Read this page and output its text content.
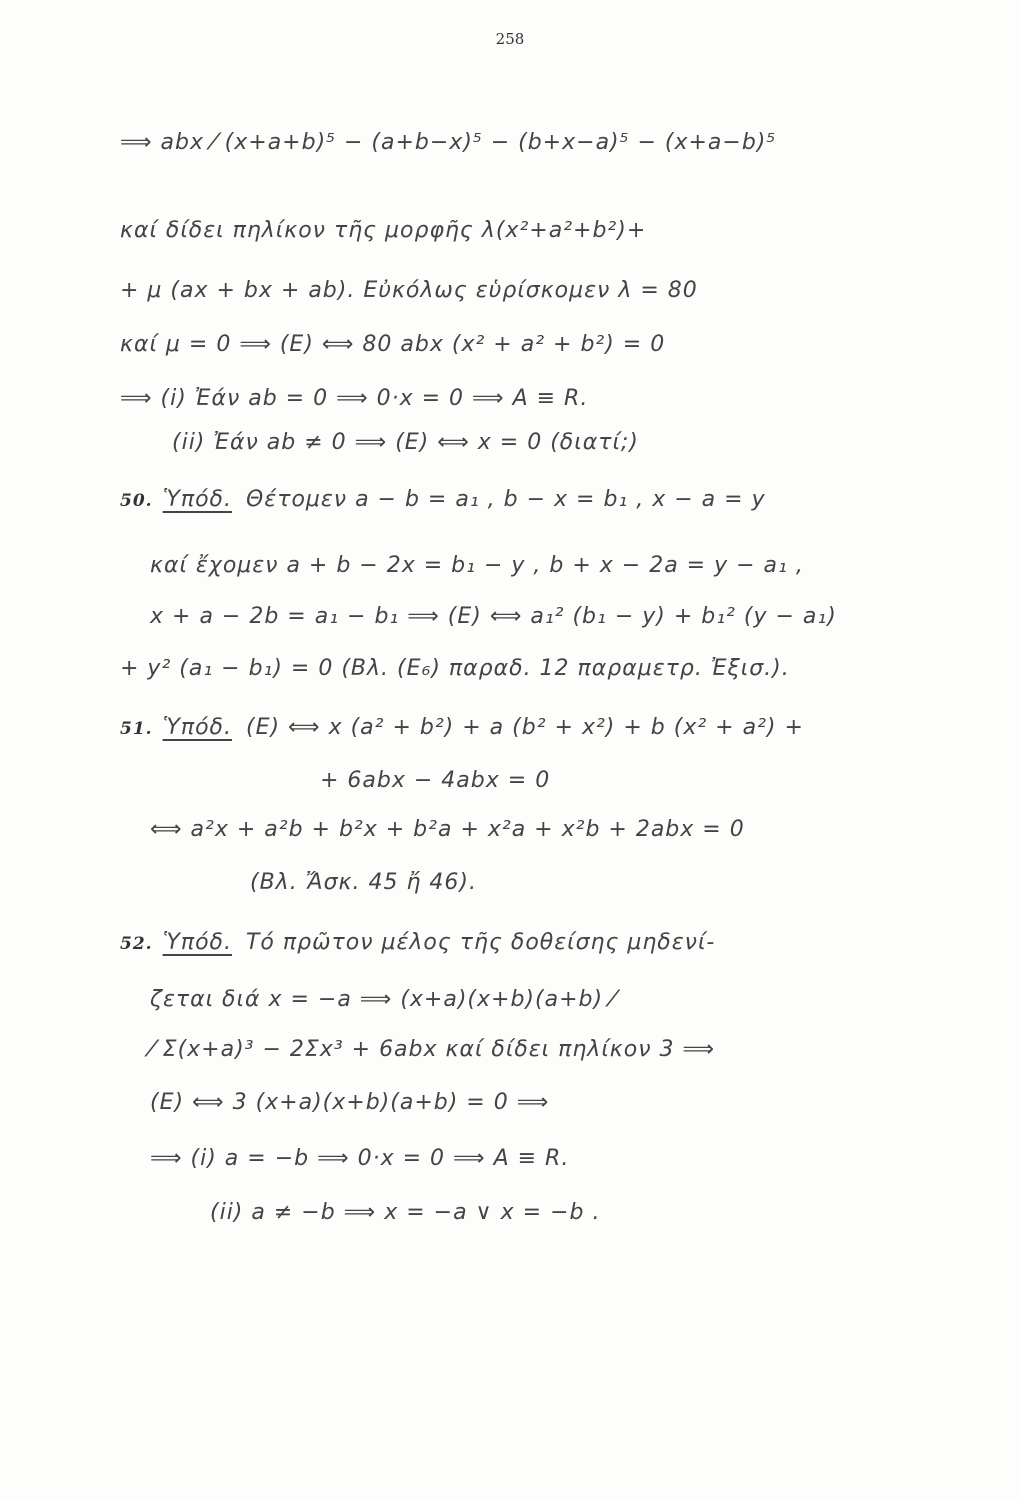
258
⟹ abx ⁄ (x+a+b)⁵ − (a+b−x)⁵ − (b+x−a)⁵ − (x+a−b)⁵
καί δίδει πηλίκον τῆς μορφῆς λ(x²+a²+b²)+
+ μ (ax + bx + ab). Εὐκόλως εὑρίσκομεν λ = 80
καί μ = 0 ⟹ (E) ⟺ 80 abx (x² + a² + b²) = 0
⟹ (i) Ἐάν ab = 0 ⟹ 0·x = 0 ⟹ A ≡ R.
(ii) Ἐάν ab ≠ 0 ⟹ (E) ⟺ x = 0 (διατί;)
50. Ὑπόδ. Θέτομεν a − b = a₁ , b − x = b₁ , x − a = y
καί ἔχομεν a + b − 2x = b₁ − y , b + x − 2a = y − a₁ ,
x + a − 2b = a₁ − b₁ ⟹ (E) ⟺ a₁² (b₁ − y) + b₁² (y − a₁)
+ y² (a₁ − b₁) = 0 (Βλ. (E₆) παραδ. 12 παραμετρ. Ἐξισ.).
51. Ὑπόδ. (E) ⟺ x (a² + b²) + a (b² + x²) + b (x² + a²) +
+ 6abx − 4abx = 0
⟺ a²x + a²b + b²x + b²a + x²a + x²b + 2abx = 0
(Βλ. Ἄσκ. 45 ἤ 46).
52. Ὑπόδ. Τό πρῶτον μέλος τῆς δοθείσης μηδενί-
ζεται διά x = −a ⟹ (x+a)(x+b)(a+b) ⁄
⁄ Σ(x+a)³ − 2Σx³ + 6abx καί δίδει πηλίκον 3 ⟹
(E) ⟺ 3 (x+a)(x+b)(a+b) = 0 ⟹
⟹ (i) a = −b ⟹ 0·x = 0 ⟹ A ≡ R.
(ii) a ≠ −b ⟹ x = −a ∨ x = −b .
